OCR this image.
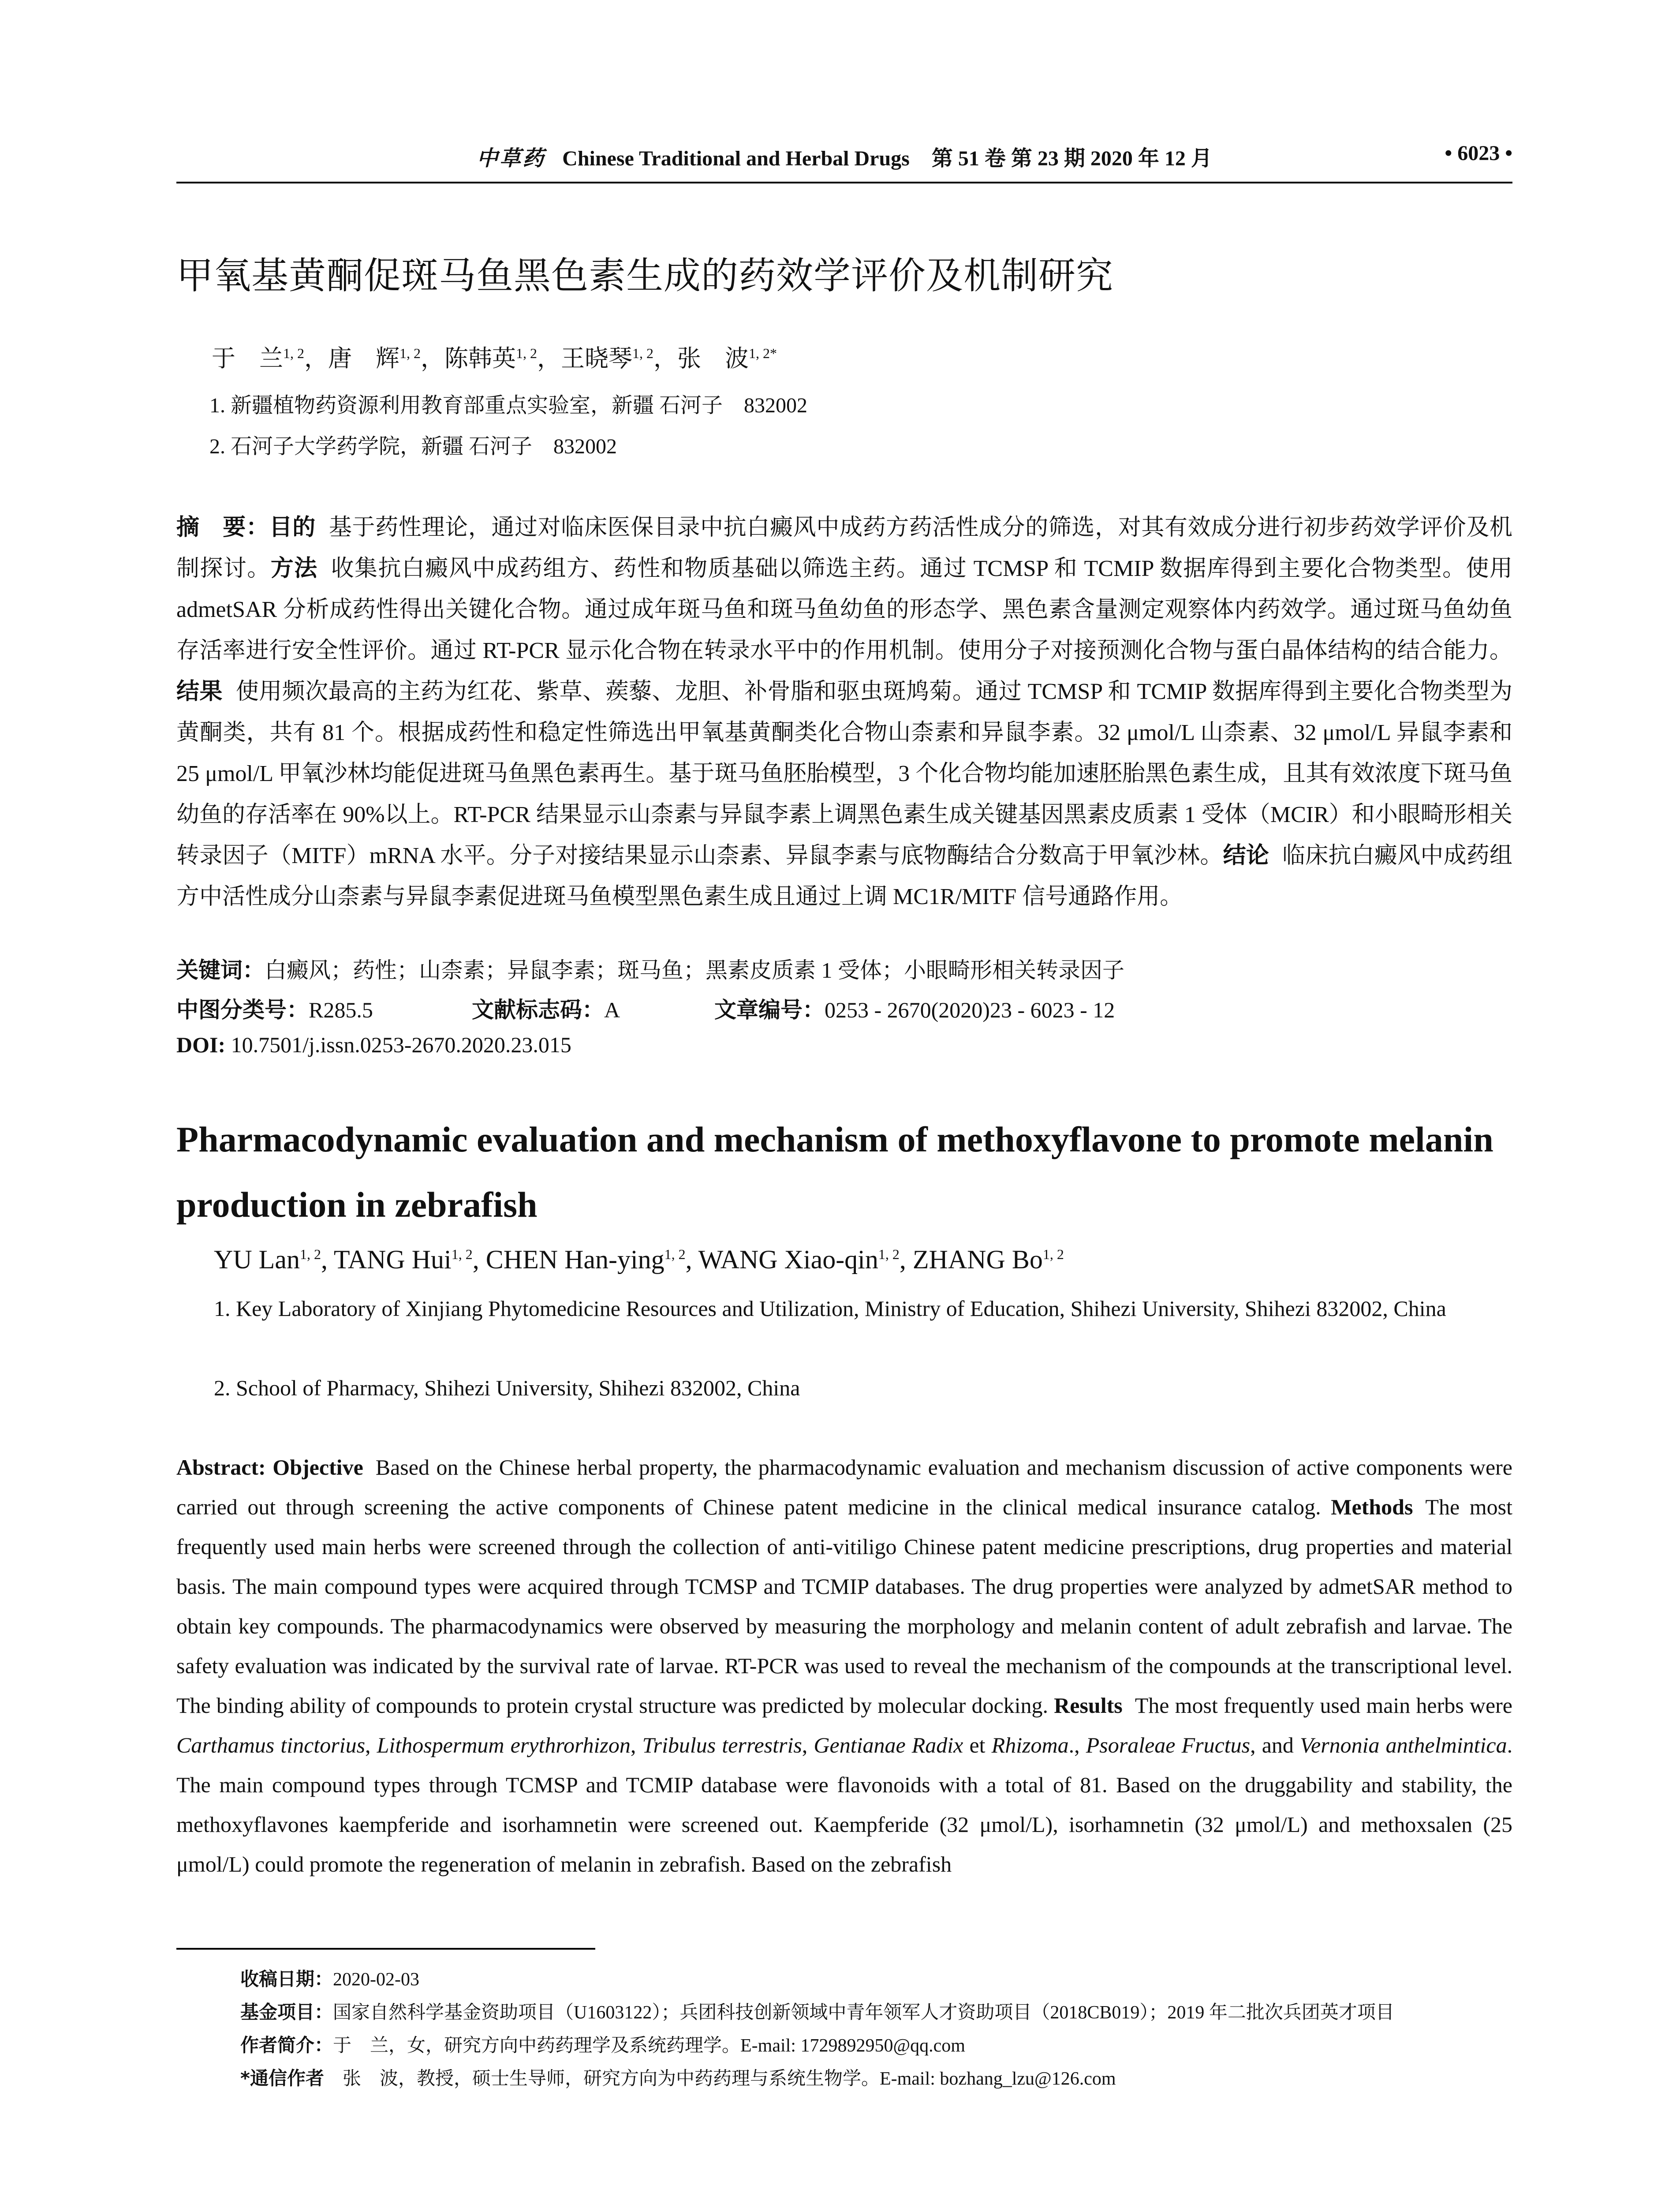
中草药 Chinese Traditional and Herbal Drugs 第 51 卷 第 23 期 2020 年 12 月	• 6023 •
甲氧基黄酮促斑马鱼黑色素生成的药效学评价及机制研究
于　兰$^{1, 2}$，唐　辉$^{1, 2}$，陈韩英$^{1, 2}$，王晓琴$^{1, 2}$，张　波$^{1, 2*}$
1. 新疆植物药资源利用教育部重点实验室，新疆 石河子　832002
2. 石河子大学药学院，新疆 石河子　832002
摘　要：目的 基于药性理论，通过对临床医保目录中抗白癜风中成药方药活性成分的筛选，对其有效成分进行初步药效学评价及机制探讨。方法 收集抗白癜风中成药组方、药性和物质基础以筛选主药。通过 TCMSP 和 TCMIP 数据库得到主要化合物类型。使用 admetSAR 分析成药性得出关键化合物。通过成年斑马鱼和斑马鱼幼鱼的形态学、黑色素含量测定观察体内药效学。通过斑马鱼幼鱼存活率进行安全性评价。通过 RT-PCR 显示化合物在转录水平中的作用机制。使用分子对接预测化合物与蛋白晶体结构的结合能力。结果 使用频次最高的主药为红花、紫草、蒺藜、龙胆、补骨脂和驱虫斑鸠菊。通过 TCMSP 和 TCMIP 数据库得到主要化合物类型为黄酮类，共有 81 个。根据成药性和稳定性筛选出甲氧基黄酮类化合物山柰素和异鼠李素。32 μmol/L 山柰素、32 μmol/L 异鼠李素和 25 μmol/L 甲氧沙林均能促进斑马鱼黑色素再生。基于斑马鱼胚胎模型，3 个化合物均能加速胚胎黑色素生成，且其有效浓度下斑马鱼幼鱼的存活率在 90%以上。RT-PCR 结果显示山柰素与异鼠李素上调黑色素生成关键基因黑素皮质素 1 受体（MCIR）和小眼畸形相关转录因子（MITF）mRNA 水平。分子对接结果显示山柰素、异鼠李素与底物酶结合分数高于甲氧沙林。结论 临床抗白癜风中成药组方中活性成分山柰素与异鼠李素促进斑马鱼模型黑色素生成且通过上调 MC1R/MITF 信号通路作用。
关键词：白癜风；药性；山柰素；异鼠李素；斑马鱼；黑素皮质素 1 受体；小眼畸形相关转录因子
中图分类号：R285.5	文献标志码：A	文章编号：0253 - 2670(2020)23 - 6023 - 12
DOI: 10.7501/j.issn.0253-2670.2020.23.015
Pharmacodynamic evaluation and mechanism of methoxyflavone to promote melanin production in zebrafish
YU Lan$^{1, 2}$, TANG Hui$^{1, 2}$, CHEN Han-ying$^{1, 2}$, WANG Xiao-qin$^{1, 2}$, ZHANG Bo$^{1, 2}$
1. Key Laboratory of Xinjiang Phytomedicine Resources and Utilization, Ministry of Education, Shihezi University, Shihezi 832002, China
2. School of Pharmacy, Shihezi University, Shihezi 832002, China
Abstract: Objective Based on the Chinese herbal property, the pharmacodynamic evaluation and mechanism discussion of active components were carried out through screening the active components of Chinese patent medicine in the clinical medical insurance catalog. Methods The most frequently used main herbs were screened through the collection of anti-vitiligo Chinese patent medicine prescriptions, drug properties and material basis. The main compound types were acquired through TCMSP and TCMIP databases. The drug properties were analyzed by admetSAR method to obtain key compounds. The pharmacodynamics were observed by measuring the morphology and melanin content of adult zebrafish and larvae. The safety evaluation was indicated by the survival rate of larvae. RT-PCR was used to reveal the mechanism of the compounds at the transcriptional level. The binding ability of compounds to protein crystal structure was predicted by molecular docking. Results The most frequently used main herbs were Carthamus tinctorius, Lithospermum erythrorhizon, Tribulus terrestris, Gentianae Radix et Rhizoma., Psoraleae Fructus, and Vernonia anthelmintica. The main compound types through TCMSP and TCMIP database were flavonoids with a total of 81. Based on the druggability and stability, the methoxyflavones kaempferide and isorhamnetin were screened out. Kaempferide (32 μmol/L), isorhamnetin (32 μmol/L) and methoxsalen (25 μmol/L) could promote the regeneration of melanin in zebrafish. Based on the zebrafish
收稿日期：2020-02-03
基金项目：国家自然科学基金资助项目（U1603122）；兵团科技创新领域中青年领军人才资助项目（2018CB019）；2019 年二批次兵团英才项目
作者简介：于　兰，女，研究方向中药药理学及系统药理学。E-mail: 1729892950@qq.com
*通信作者　张　波，教授，硕士生导师，研究方向为中药药理与系统生物学。E-mail: bozhang_lzu@126.com
